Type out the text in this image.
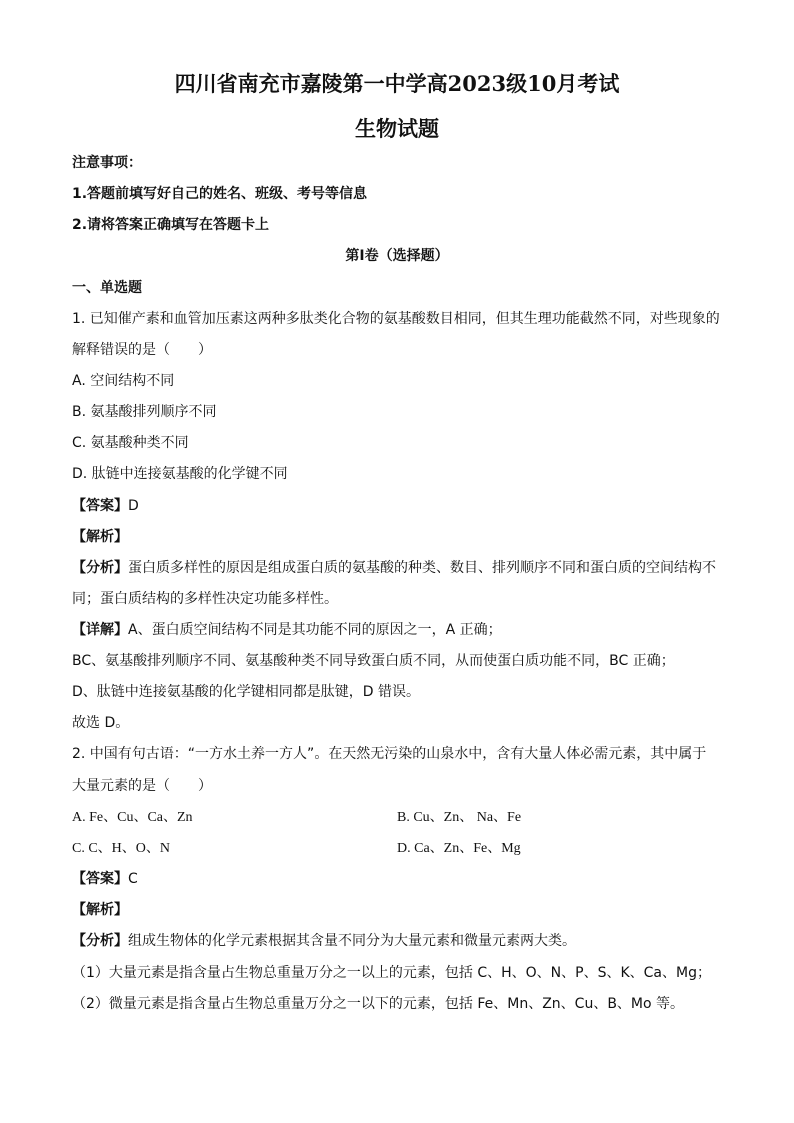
四川省南充市嘉陵第一中学高2023级10月考试
生物试题
注意事项：
1.答题前填写好自己的姓名、班级、考号等信息
2.请将答案正确填写在答题卡上
第I卷（选择题）
一、单选题
1. 已知催产素和血管加压素这两种多肽类化合物的氨基酸数目相同，但其生理功能截然不同，对些现象的
解释错误的是（　　）
A. 空间结构不同
B. 氨基酸排列顺序不同
C. 氨基酸种类不同
D. 肽链中连接氨基酸的化学键不同
【答案】D
【解析】
【分析】蛋白质多样性的原因是组成蛋白质的氨基酸的种类、数目、排列顺序不同和蛋白质的空间结构不
同；蛋白质结构的多样性决定功能多样性。
【详解】A、蛋白质空间结构不同是其功能不同的原因之一，A 正确；
BC、氨基酸排列顺序不同、氨基酸种类不同导致蛋白质不同，从而使蛋白质功能不同，BC 正确；
D、肽链中连接氨基酸的化学键相同都是肽键，D 错误。
故选 D。
2. 中国有句古语：“一方水土养一方人”。在天然无污染的山泉水中，含有大量人体必需元素，其中属于
大量元素的是（　　）
A. Fe、Cu、Ca、Zn	B. Cu、Zn、 Na、Fe
C. C、H、O、N	D. Ca、Zn、Fe、Mg
【答案】C
【解析】
【分析】组成生物体的化学元素根据其含量不同分为大量元素和微量元素两大类。
（1）大量元素是指含量占生物总重量万分之一以上的元素，包括 C、H、O、N、P、S、K、Ca、Mg；
（2）微量元素是指含量占生物总重量万分之一以下的元素，包括 Fe、Mn、Zn、Cu、B、Mo 等。
